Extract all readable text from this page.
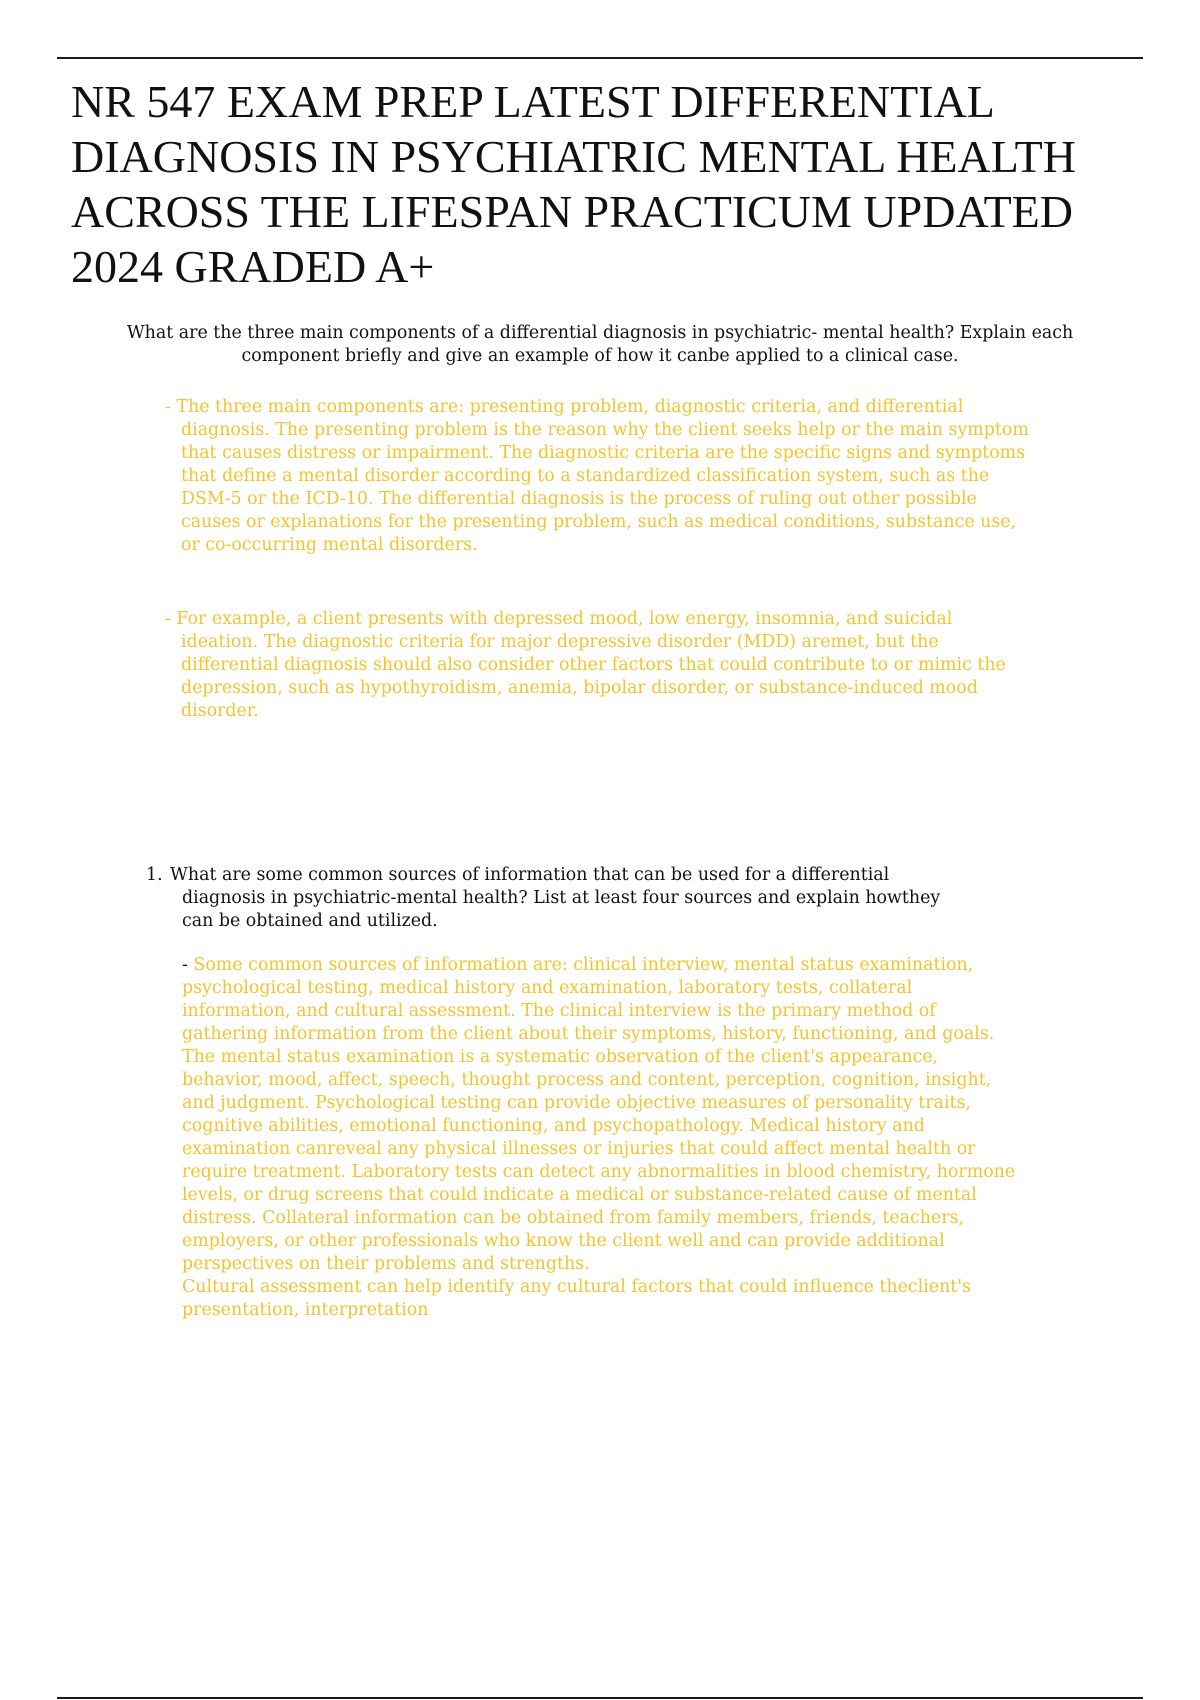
NR 547 EXAM PREP LATEST DIFFERENTIAL DIAGNOSIS IN PSYCHIATRIC MENTAL HEALTH ACROSS THE LIFESPAN PRACTICUM UPDATED 2024 GRADED A+

What are the three main components of a differential diagnosis in psychiatric- mental health? Explain each component briefly and give an example of how it canbe applied to a clinical case.

- The three main components are: presenting problem, diagnostic criteria, and differential diagnosis. The presenting problem is the reason why the client seeks help or the main symptom that causes distress or impairment. The diagnostic criteria are the specific signs and symptoms that define a mental disorder according to a standardized classification system, such as the DSM-5 or the ICD-10. The differential diagnosis is the process of ruling out other possible causes or explanations for the presenting problem, such as medical conditions, substance use, or co-occurring mental disorders.

- For example, a client presents with depressed mood, low energy, insomnia, and suicidal ideation. The diagnostic criteria for major depressive disorder (MDD) aremet, but the differential diagnosis should also consider other factors that could contribute to or mimic the depression, such as hypothyroidism, anemia, bipolar disorder, or substance-induced mood disorder.

1. What are some common sources of information that can be used for a differential diagnosis in psychiatric-mental health? List at least four sources and explain howthey can be obtained and utilized.

- Some common sources of information are: clinical interview, mental status examination, psychological testing, medical history and examination, laboratory tests, collateral information, and cultural assessment. The clinical interview is the primary method of gathering information from the client about their symptoms, history, functioning, and goals. The mental status examination is a systematic observation of the client's appearance, behavior, mood, affect, speech, thought process and content, perception, cognition, insight, and judgment. Psychological testing can provide objective measures of personality traits, cognitive abilities, emotional functioning, and psychopathology. Medical history and examination canreveal any physical illnesses or injuries that could affect mental health or require treatment. Laboratory tests can detect any abnormalities in blood chemistry, hormone levels, or drug screens that could indicate a medical or substance-related cause of mental distress. Collateral information can be obtained from family members, friends, teachers, employers, or other professionals who know the client well and can provide additional perspectives on their problems and strengths.
Cultural assessment can help identify any cultural factors that could influence theclient's presentation, interpretation
